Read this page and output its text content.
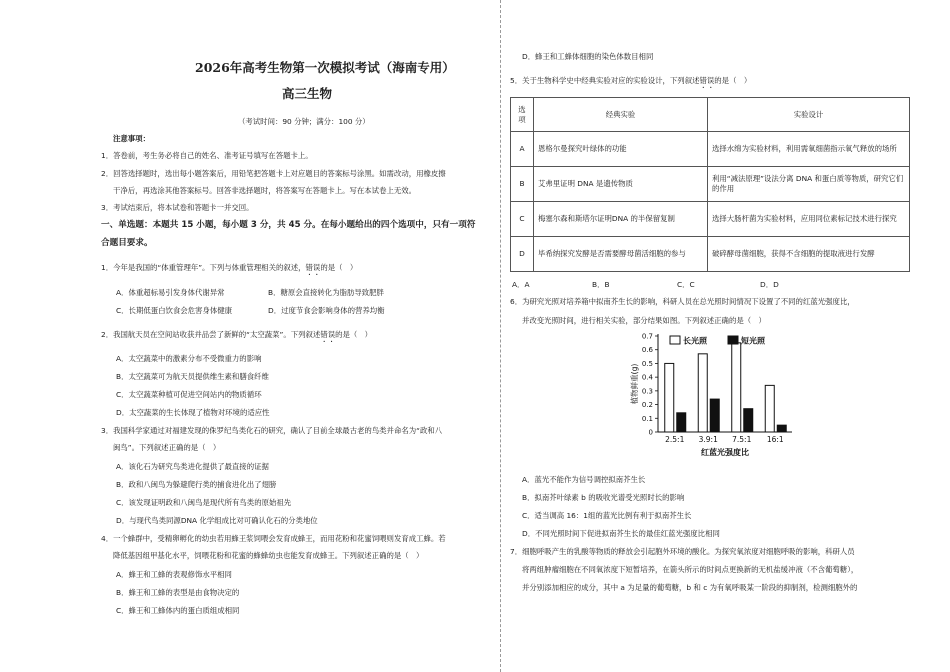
2026年高考生物第一次模拟考试（海南专用）
高三生物
（考试时间：90 分钟；满分：100 分）
注意事项：
1．答卷前，考生务必将自己的姓名、准考证号填写在答题卡上。
2．回答选择题时，选出每小题答案后，用铅笔把答题卡上对应题目的答案标号涂黑。如需改动，用橡皮擦
干净后，再选涂其他答案标号。回答非选择题时，将答案写在答题卡上。写在本试卷上无效。
3．考试结束后，将本试卷和答题卡一并交回。
一、单选题：本题共 15 小题，每小题 3 分，共 45 分。在每小题给出的四个选项中，只有一项符
合题目要求。
1．今年是我国的“体重管理年”。下列与体重管理相关的叙述，错误的是（　）
A．体重超标易引发身体代谢异常	B．糖原会直接转化为脂肪导致肥胖
C．长期低蛋白饮食会危害身体健康	D．过度节食会影响身体的营养均衡
2．我国航天员在空间站收获并品尝了新鲜的“太空蔬菜”。下列叙述错误的是（　）
A．太空蔬菜中的激素分布不受微重力的影响
B．太空蔬菜可为航天员提供维生素和膳食纤维
C．太空蔬菜种植可促进空间站内的物质循环
D．太空蔬菜的生长体现了植物对环境的适应性
3．我国科学家通过对福建发现的侏罗纪鸟类化石的研究，确认了目前全球最古老的鸟类并命名为“政和八
闽鸟”。下列叙述正确的是（　）
A．该化石为研究鸟类进化提供了最直接的证据
B．政和八闽鸟为躲避爬行类的捕食进化出了翅膀
C．该发现证明政和八闽鸟是现代所有鸟类的原始祖先
D．与现代鸟类同源DNA 化学组成比对可确认化石的分类地位
4．一个蜂群中，受精卵孵化的幼虫若用蜂王浆饲喂会发育成蜂王，而用花粉和花蜜饲喂则发育成工蜂。若
降低基因组甲基化水平，饲喂花粉和花蜜的蜂蜂幼虫也能发育成蜂王。下列叙述正确的是（　）
A．蜂王和工蜂的表观修饰水平相同
B．蜂王和工蜂的表型是由食物决定的
C．蜂王和工蜂体内的蛋白质组成相同
D．蜂王和工蜂体细胞的染色体数目相同
5．关于生物科学史中经典实验对应的实验设计，下列叙述错误的是（　）
选项	经典实验	实验设计
A	恩格尔曼探究叶绿体的功能	选择水绵为实验材料，利用需氧细菌指示氧气释放的场所
B	艾弗里证明 DNA 是遗传物质	利用“减法原理”设法分离 DNA 和蛋白质等物质，研究它们的作用
C	梅塞尔森和斯塔尔证明DNA 的半保留复制	选择大肠杆菌为实验材料，应用同位素标记技术进行探究
D	毕希纳探究发酵是否需要酵母菌活细胞的参与	破碎酵母菌细胞，获得不含细胞的提取液进行发酵
A．A	B．B	C．C	D．D
6．为研究光照对培养箱中拟南芥生长的影响，科研人员在总光照时间情况下设置了不同的红蓝光强度比，
并改变光照时间，进行相关实验，部分结果如图。下列叙述正确的是（　）
0
0.1
0.2
0.3
0.4
0.5
0.6
0.7
植物鲜重(g)
2.5:1 3.9:1 7.5:1 16:1
红蓝光强度比
长光照	短光照
A．蓝光不能作为信号调控拟南芥生长
B．拟南芥叶绿素 b 的吸收光谱受光照时长的影响
C．适当调高 16：1组的蓝光比例有利于拟南芥生长
D．不同光照时间下促进拟南芥生长的最佳红蓝光强度比相同
7．细胞呼吸产生的乳酸等物质的释放会引起胞外环境的酸化。为探究氧浓度对细胞呼吸的影响，科研人员
将两组肿瘤细胞在不同氧浓度下短暂培养，在箭头所示的时间点更换新的无机盐缓冲液（不含葡萄糖），
并分别添加相应的成分，其中 a 为足量的葡萄糖，b 和 c 为有氧呼吸某一阶段的抑制剂，检测细胞外的
